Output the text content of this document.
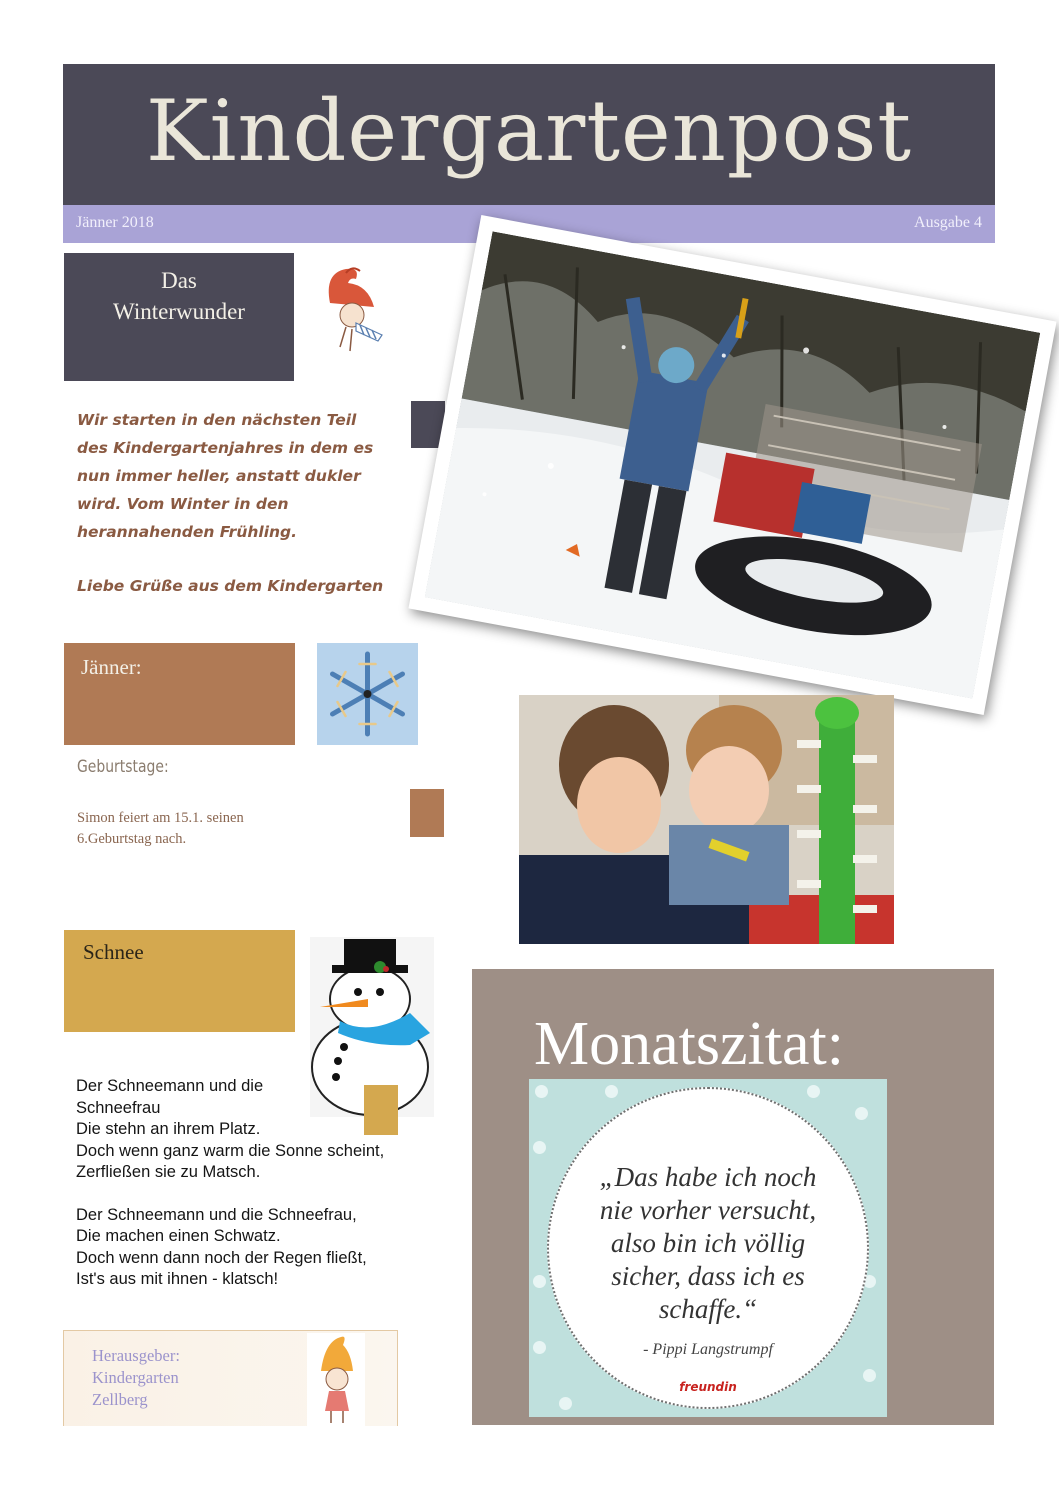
Kindergartenpost
Jänner 2018	Ausgabe 4
Das
Winterwunder

Wir starten in den nächsten Teil

des Kindergartenjahres in dem es

nun immer heller, anstatt dukler

wird. Vom Winter in den

herannahenden Frühling.

Liebe Grüße aus dem Kindergarten

Jänner:
Geburtstage:
Simon feiert am 15.1. seinen
6.Geburtstag nach.
Schnee

Der Schneemann und die
Schneefrau
Die stehn an ihrem Platz.
Doch wenn ganz warm die Sonne scheint,
Zerfließen sie zu Matsch.

Der Schneemann und die Schneefrau,
Die machen einen Schwatz.
Doch wenn dann noch der Regen fließt,
Ist's aus mit ihnen - klatsch!

Monatszitat:
„Das habe ich noch
nie vorher versucht,
also bin ich völlig
sicher, dass ich es
schaffe.“
- Pippi Langstrumpf
freundin
Herausgeber:
Kindergarten
Zellberg
